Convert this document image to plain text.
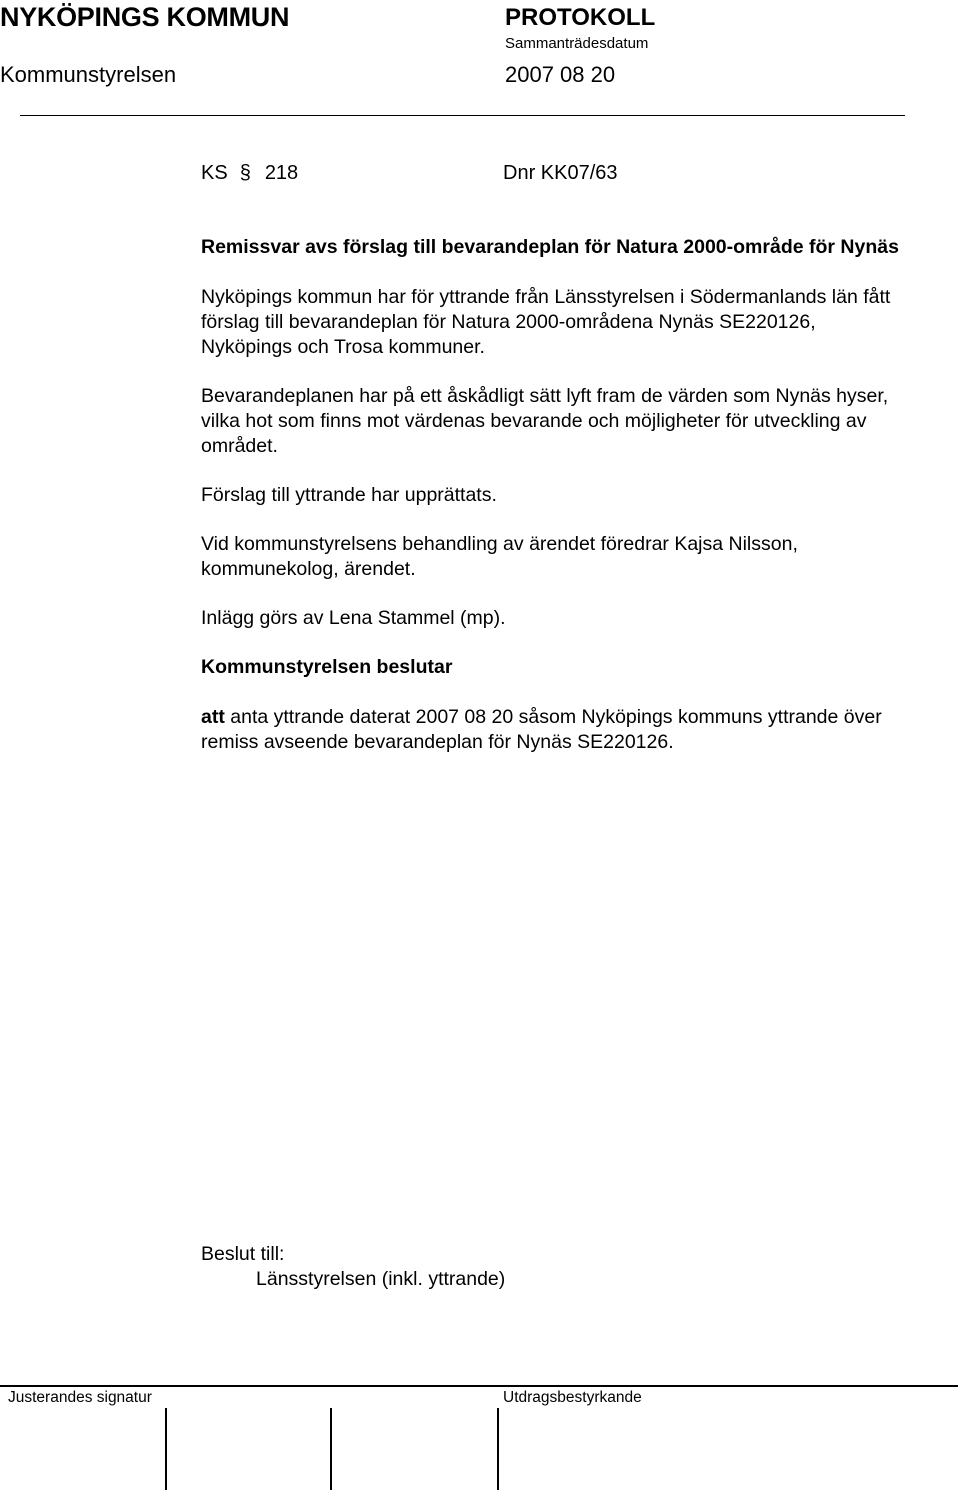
NYKÖPINGS KOMMUN	PROTOKOLL
Sammanträdesdatum
Kommunstyrelsen	2007 08 20
KS § 218	Dnr KK07/63

Remissvar avs förslag till bevarandeplan för Natura 2000-område för Nynäs

Nyköpings kommun har för yttrande från Länsstyrelsen i Södermanlands län fått förslag till bevarandeplan för Natura 2000-områdena Nynäs SE220126, Nyköpings och Trosa kommuner.

Bevarandeplanen har på ett åskådligt sätt lyft fram de värden som Nynäs hyser, vilka hot som finns mot värdenas bevarande och möjligheter för utveckling av området.

Förslag till yttrande har upprättats.

Vid kommunstyrelsens behandling av ärendet föredrar Kajsa Nilsson, kommunekolog, ärendet.

Inlägg görs av Lena Stammel (mp).

Kommunstyrelsen beslutar

att anta yttrande daterat 2007 08 20 såsom Nyköpings kommuns yttrande över remiss avseende bevarandeplan för Nynäs SE220126.

Beslut till:
Länsstyrelsen (inkl. yttrande)
Justerandes signatur	Utdragsbestyrkande
